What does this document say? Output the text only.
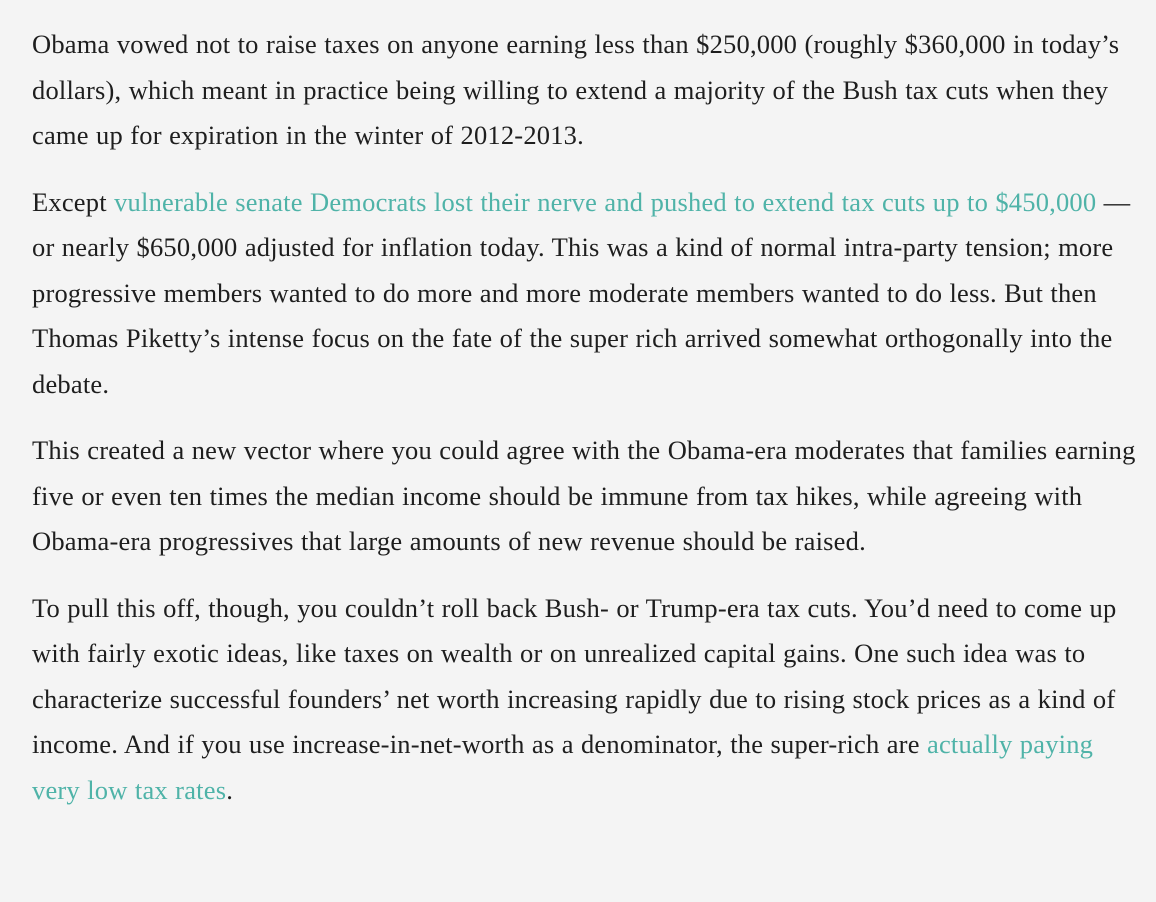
Obama vowed not to raise taxes on anyone earning less than $250,000 (roughly $360,000 in today’s dollars), which meant in practice being willing to extend a majority of the Bush tax cuts when they came up for expiration in the winter of 2012-2013.

Except vulnerable senate Democrats lost their nerve and pushed to extend tax cuts up to $450,000 — or nearly $650,000 adjusted for inflation today. This was a kind of normal intra-party tension; more progressive members wanted to do more and more moderate members wanted to do less. But then Thomas Piketty’s intense focus on the fate of the super rich arrived somewhat orthogonally into the debate.

This created a new vector where you could agree with the Obama-era moderates that families earning five or even ten times the median income should be immune from tax hikes, while agreeing with Obama-era progressives that large amounts of new revenue should be raised.

To pull this off, though, you couldn’t roll back Bush- or Trump-era tax cuts. You’d need to come up with fairly exotic ideas, like taxes on wealth or on unrealized capital gains. One such idea was to characterize successful founders’ net worth increasing rapidly due to rising stock prices as a kind of income. And if you use increase-in-net-worth as a denominator, the super-rich are actually paying very low tax rates.
